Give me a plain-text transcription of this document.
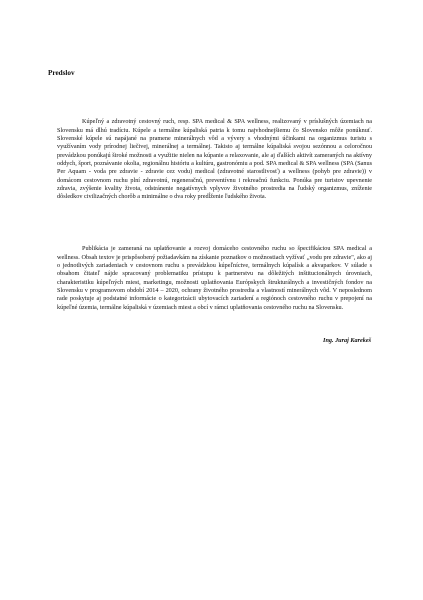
Predslov

Kúpeľný a zdravotný cestovný ruch, resp. SPA medical & SPA wellness, realizovaný v príslušných územiach na Slovensku má dlhú tradíciu. Kúpele a termálne kúpaliská patria k tomu najvhodnejšiemu čo Slovensko môže ponúknuť. Slovenské kúpele sú napájané na pramene minerálnych vôd a vývery s vhodnými účinkami na organizmus turistu s využívaním vody prírodnej liečivej, minerálnej a termálnej. Takisto aj termálne kúpaliská svojou sezónnou a celoročnou prevádzkou ponúkajú široké možnosti a využitie nielen na kúpanie a relaxovanie, ale aj ďalších aktivít zameraných na aktívny oddych, šport, poznávanie okolia, regionálnu históriu a kultúru, gastronómiu a pod. SPA medical & SPA wellness (SPA (Sanus Per Aquam - voda pre zdravie - zdravie cez vodu) medical (zdravotné starostlivosť) a wellness (pohyb pre zdravie)) v domácom cestovnom ruchu plní zdravotnú, regeneračnú, preventívnu i rekreačnú funkciu. Ponúka pre turistov upevnenie zdravia, zvýšenie kvality života, odstránenie negatívnych vplyvov životného prostredia na ľudský organizmus, zníženie dôsledkov civilizačných chorôb a minimálne o dva roky predĺženie ľudského života.

Publikácia je zameraná na uplatňovanie a rozvoj domáceho cestovného ruchu so špecifikáciou SPA medical a wellness. Obsah textov je prispôsobený požiadavkám na získanie poznatkov o možnostiach vyžívať „vodu pre zdravie", ako aj o jednotlivých zariadeniach v cestovnom ruchu s prevádzkou kúpeľníctve, termálnych kúpalísk a akvaparkov. V súlade s obsahom čitateľ nájde spracovaný problematiku prístupu k partnerstvu na dôležitých inštitucionálnych úrovniach, charakteristiku kúpeľných miest, marketingu, možnosti uplatňovania Európskych štrukturálnych a investičných fondov na Slovensku v programovom období 2014 – 2020, ochrany životného prostredia a vlastností minerálnych vôd. V neposlednom rade poskytuje aj podstatné informácie o kategorizácii ubytovacích zariadení a regiónoch cestovného ruchu v prepojení na kúpeľné územia, termálne kúpaliská v územiach miest a obcí v rámci uplatňovania cestovného ruchu na Slovensku.

Ing. Juraj Karekeš
